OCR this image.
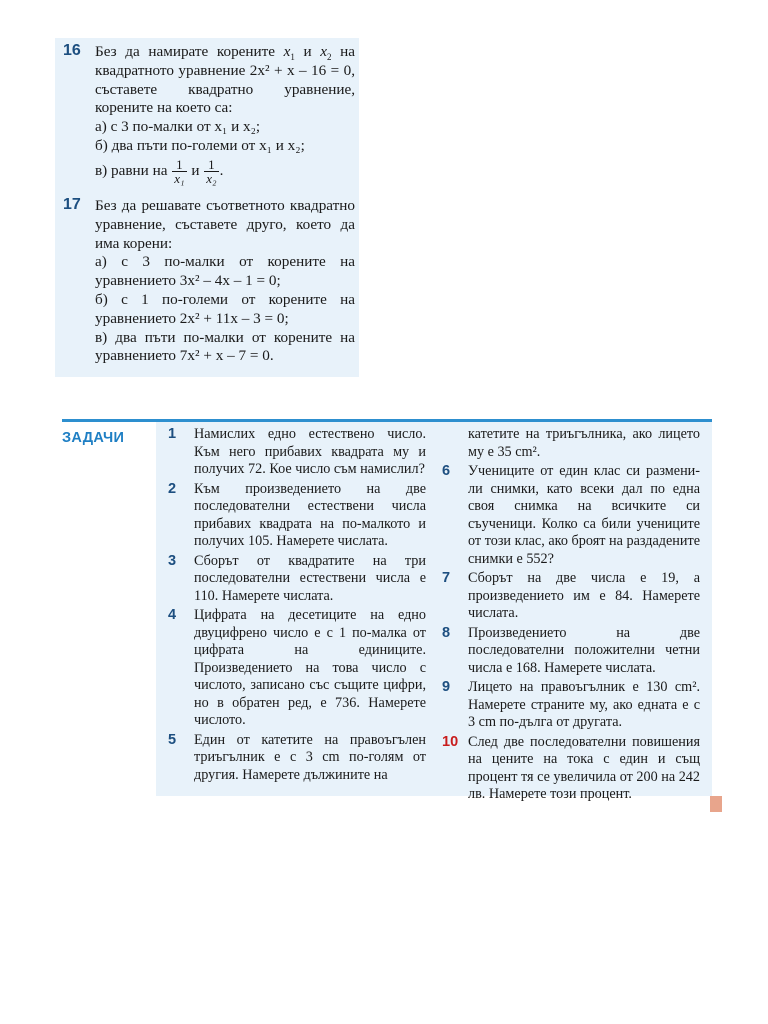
16 Без да намирате корените $x_1$ и $x_2$ на квадратното уравнение 2x² + x – 16 = 0, съставете квадратно уравнение, корените на което са:

а) с 3 по-малки от x₁ и x₂;

б) два пъти по-големи от x₁ и x₂;

в) равни на $\frac{1}{\text{x₁}}$ и $\frac{1}{\text{x₂}}$ .

17 Без да решавате съответното квадратно уравнение, съставете друго, което да има корени:

а) с 3 по-малки от корените на уравнението 3x² – 4x – 1 = 0;

б) с 1 по-големи от корените на уравнението 2x² + 11x – 3 = 0;

в) два пъти по-малки от корените на уравнението 7x² + x – 7 = 0.

ЗАДАЧИ	1 Намислих едно естествено число. Към него прибавих квадрата му и получих 72. Кое число съм намислил?

2 Към произведението на две последователни естествени числа прибавих квадрата на по-малкото и получих 105. Намерете числата.

3 Сборът от квадратите на три последователни естествени числа е 110. Намерете числата.

4 Цифрата на десетиците на едно двуцифрено число е с 1 по-малка от цифрата на единиците. Произведението на това число с числото, записано със същите цифри, но в обратен ред, е 736. Намерете числото.

5 Един от катетите на правоъгълен триъгълник е с 3 cm по-голям от другия. Намерете дължините на

катетите на триъгълника, ако лицето му е 35 cm².

6 Учениците от един клас си размени-ли снимки, като всеки дал по една своя снимка на всичките си съученици. Колко са били учениците от този клас, ако броят на раздадените снимки е 552?

7 Сборът на две числа е 19, а произведението им е 84. Намерете числата.

8 Произведението на две последователни положителни четни числа е 168. Намерете числата.

9 Лицето на правоъгълник е 130 cm². Намерете страните му, ако едната е с 3 cm по-дълга от другата.

10 След две последователни повишения на цените на тока с един и същ процент тя се увеличила от 200 на 242 лв. Намерете този процент.
